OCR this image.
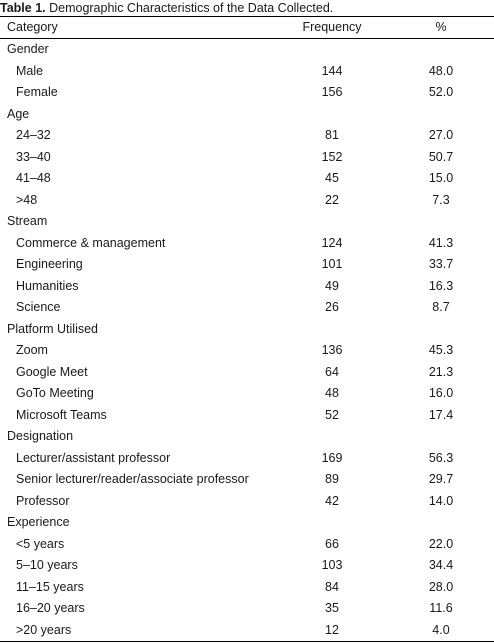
Table 1. Demographic Characteristics of the Data Collected.
Category	Frequency	%
Gender
Male	144	48.0
Female	156	52.0
Age
24–32	81	27.0
33–40	152	50.7
41–48	45	15.0
>48	22	7.3
Stream
Commerce & management	124	41.3
Engineering	101	33.7
Humanities	49	16.3
Science	26	8.7
Platform Utilised
Zoom	136	45.3
Google Meet	64	21.3
GoTo Meeting	48	16.0
Microsoft Teams	52	17.4
Designation
Lecturer/assistant professor	169	56.3
Senior lecturer/reader/associate professor	89	29.7
Professor	42	14.0
Experience
<5 years	66	22.0
5–10 years	103	34.4
11–15 years	84	28.0
16–20 years	35	11.6
>20 years	12	4.0
